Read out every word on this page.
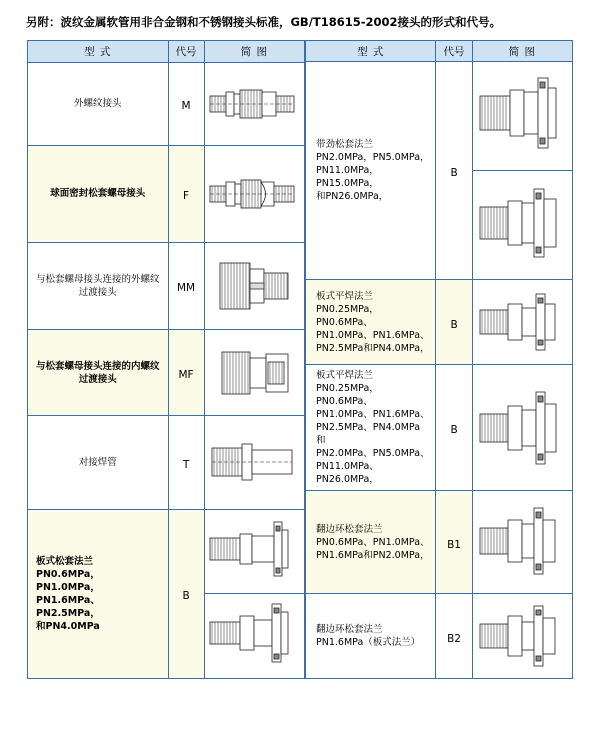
另附：波纹金属软管用非合金钢和不锈钢接头标准，GB/T18615-2002接头的形式和代号。
型 式	代号	简 图

外螺纹接头	M	

球面密封松套螺母接头	F	

与松套螺母接头连接的外螺纹过渡接头	MM	

与松套螺母接头连接的内螺纹过渡接头	MF	

对接焊管	T	

板式松套法兰
PN0.6MPa，PN1.0MPa，
PN1.6MPa、PN2.5MPa，
和PN4.0MPa	B	

型 式	代号	简 图

带劲松套法兰
PN2.0MPa，PN5.0MPa，
PN11.0MPa，PN15.0MPa，
和PN26.0MPa，	B	

板式平焊法兰
PN0.25MPa，PN0.6MPa、
PN1.0MPa、PN1.6MPa、
PN2.5MPa和PN4.0MPa，	B	

板式平焊法兰
PN0.25MPa，PN0.6MPa、
PN1.0MPa、PN1.6MPa、
PN2.5MPa、PN4.0MPa 和
PN2.0MPa、PN5.0MPa、
PN11.0MPa、PN26.0MPa，
	B	

翻边环松套法兰
PN0.6MPa、PN1.0MPa、
PN1.6MPa和PN2.0MPa，	B1	

翻边环松套法兰
PN1.6MPa（板式法兰）	B2	
